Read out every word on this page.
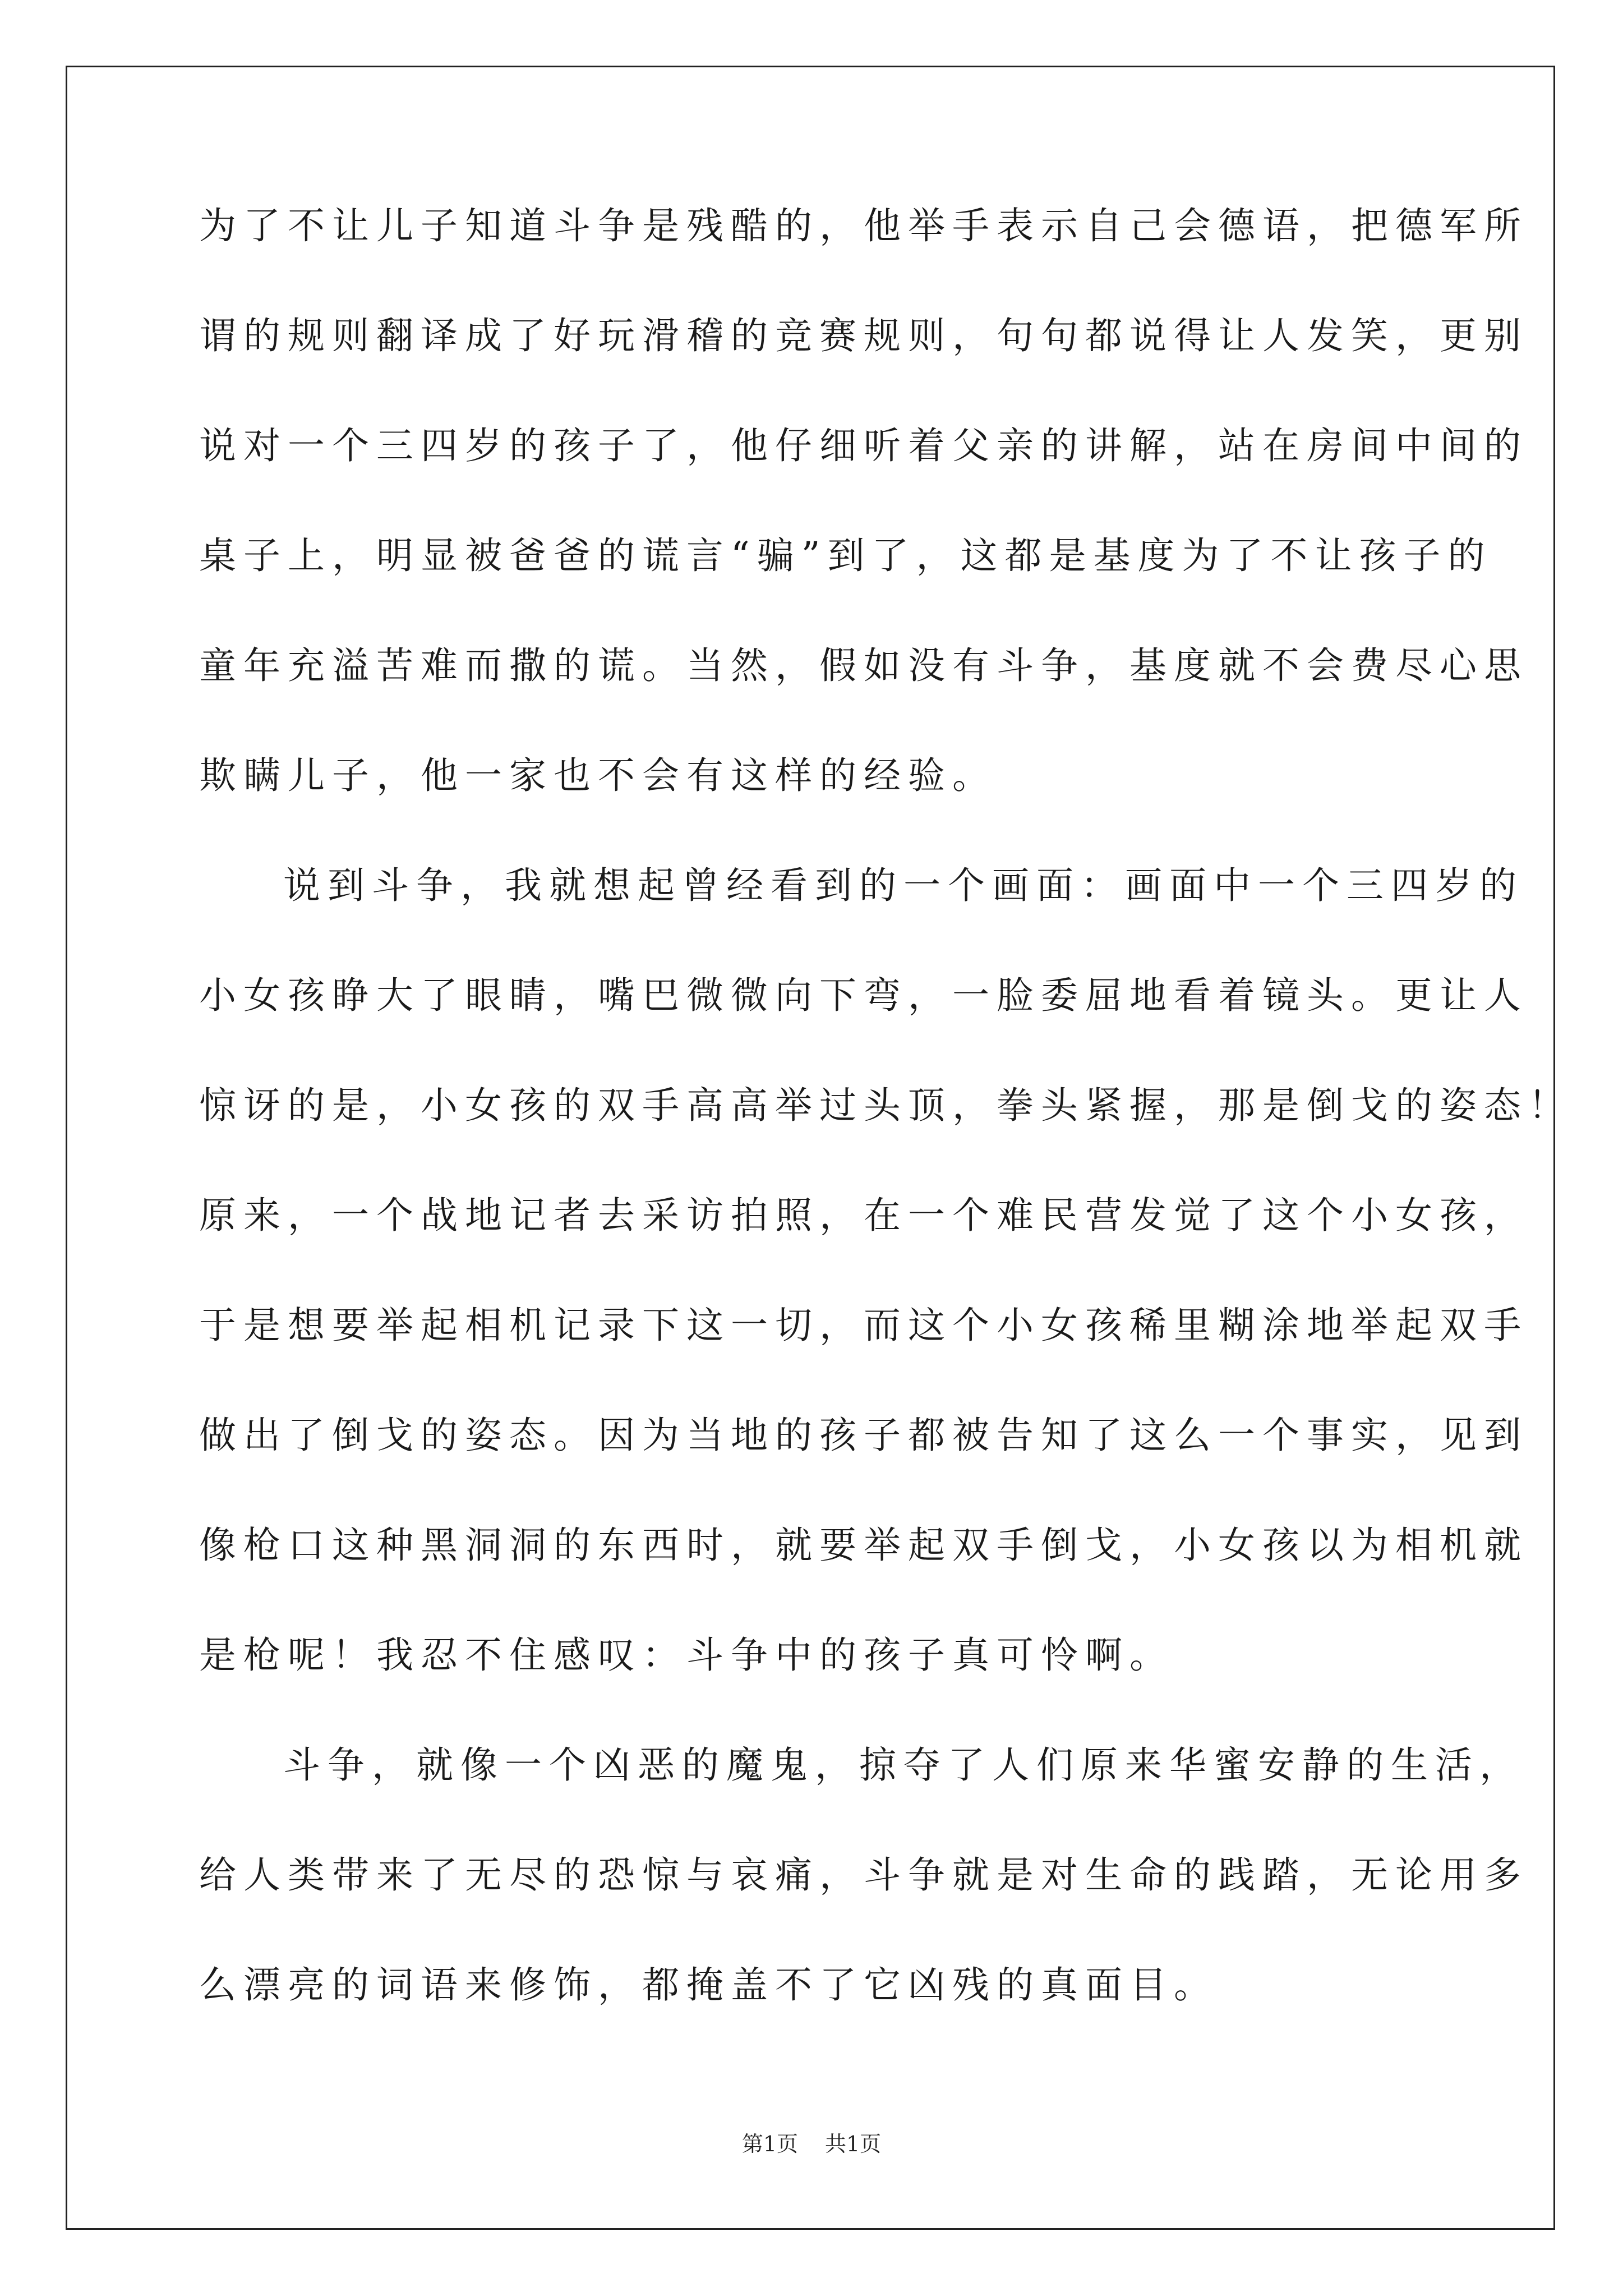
为了不让儿子知道斗争是残酷的，他举手表示自己会德语，把德军所
谓的规则翻译成了好玩滑稽的竞赛规则，句句都说得让人发笑，更别
说对一个三四岁的孩子了，他仔细听着父亲的讲解，站在房间中间的
桌子上，明显被爸爸的谎言“骗”到了，这都是基度为了不让孩子的
童年充溢苦难而撒的谎。当然，假如没有斗争，基度就不会费尽心思
欺瞒儿子，他一家也不会有这样的经验。
说到斗争，我就想起曾经看到的一个画面：画面中一个三四岁的
小女孩睁大了眼睛，嘴巴微微向下弯，一脸委屈地看着镜头。更让人
惊讶的是，小女孩的双手高高举过头顶，拳头紧握，那是倒戈的姿态！
原来，一个战地记者去采访拍照，在一个难民营发觉了这个小女孩，
于是想要举起相机记录下这一切，而这个小女孩稀里糊涂地举起双手
做出了倒戈的姿态。因为当地的孩子都被告知了这么一个事实，见到
像枪口这种黑洞洞的东西时，就要举起双手倒戈，小女孩以为相机就
是枪呢！我忍不住感叹：斗争中的孩子真可怜啊。
斗争，就像一个凶恶的魔鬼，掠夺了人们原来华蜜安静的生活，
给人类带来了无尽的恐惊与哀痛，斗争就是对生命的践踏，无论用多
么漂亮的词语来修饰，都掩盖不了它凶残的真面目。
第1页 共1页
